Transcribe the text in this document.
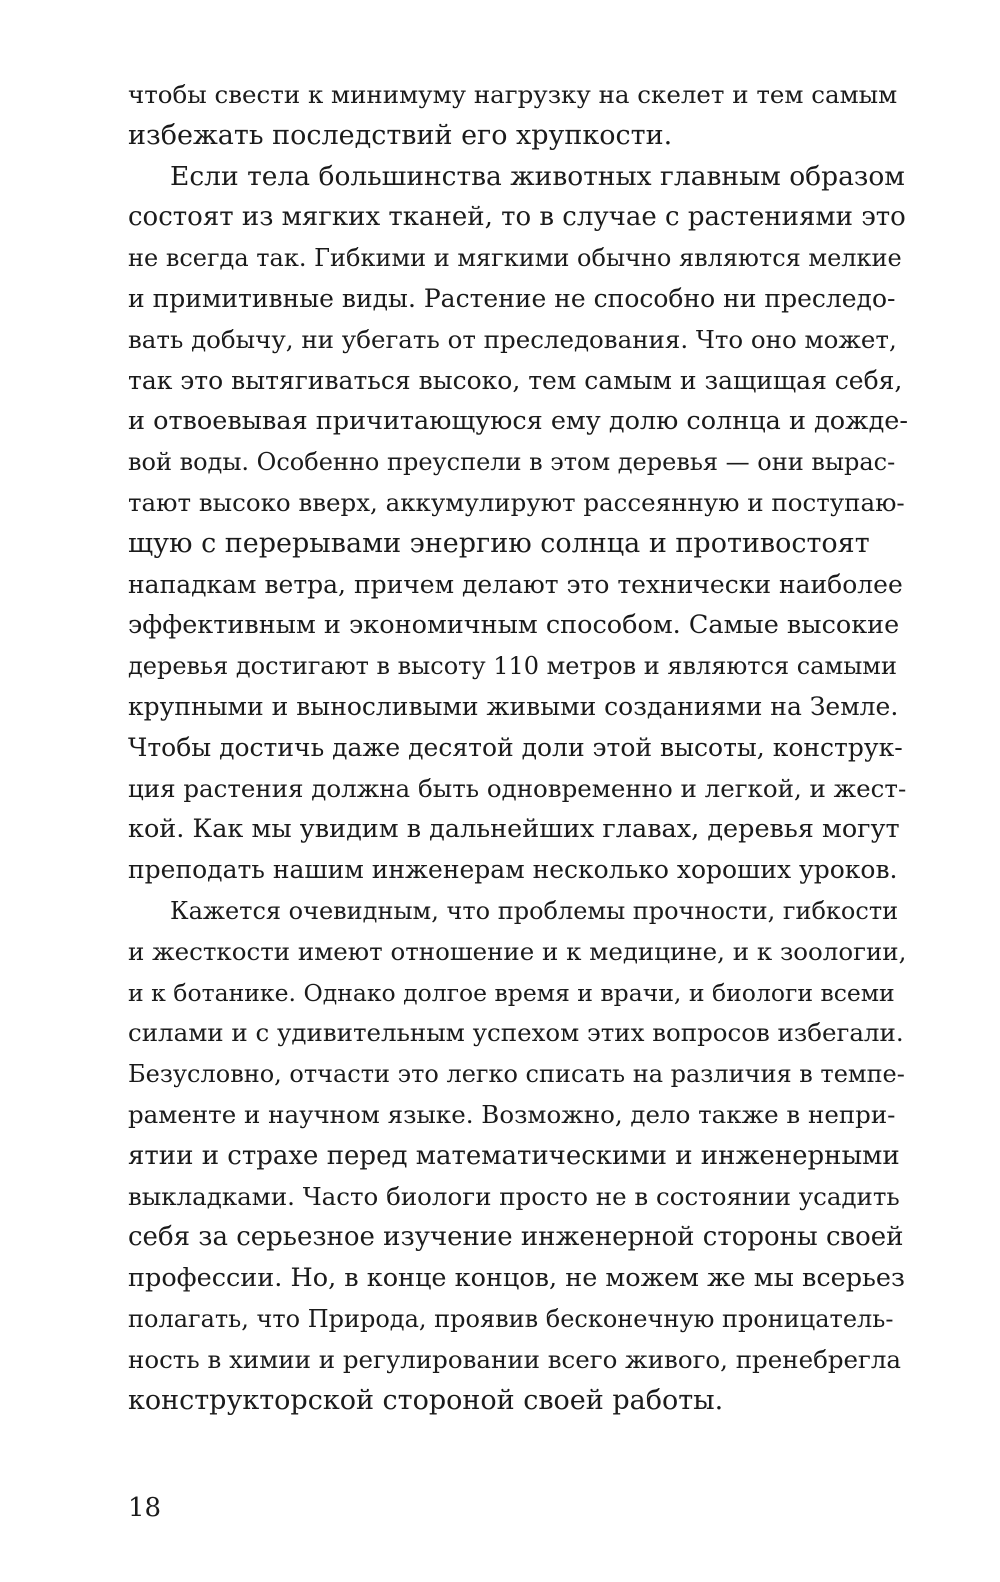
чтобы свести к минимуму нагрузку на скелет и тем самым
избежать последствий его хрупкости.
Если тела большинства животных главным образом
состоят из мягких тканей, то в случае с растениями это
не всегда так. Гибкими и мягкими обычно являются мелкие
и примитивные виды. Растение не способно ни преследо-
вать добычу, ни убегать от преследования. Что оно может,
так это вытягиваться высоко, тем самым и защищая себя,
и отвоевывая причитающуюся ему долю солнца и дожде-
вой воды. Особенно преуспели в этом деревья — они вырас-
тают высоко вверх, аккумулируют рассеянную и поступаю-
щую с перерывами энергию солнца и противостоят
нападкам ветра, причем делают это технически наиболее
эффективным и экономичным способом. Самые высокие
деревья достигают в высоту 110 метров и являются самыми
крупными и выносливыми живыми созданиями на Земле.
Чтобы достичь даже десятой доли этой высоты, конструк-
ция растения должна быть одновременно и легкой, и жест-
кой. Как мы увидим в дальнейших главах, деревья могут
преподать нашим инженерам несколько хороших уроков.
Кажется очевидным, что проблемы прочности, гибкости
и жесткости имеют отношение и к медицине, и к зоологии,
и к ботанике. Однако долгое время и врачи, и биологи всеми
силами и с удивительным успехом этих вопросов избегали.
Безусловно, отчасти это легко списать на различия в темпе-
раменте и научном языке. Возможно, дело также в непри-
ятии и страхе перед математическими и инженерными
выкладками. Часто биологи просто не в состоянии усадить
себя за серьезное изучение инженерной стороны своей
профессии. Но, в конце концов, не можем же мы всерьез
полагать, что Природа, проявив бесконечную проницатель-
ность в химии и регулировании всего живого, пренебрегла
конструкторской стороной своей работы.
18
